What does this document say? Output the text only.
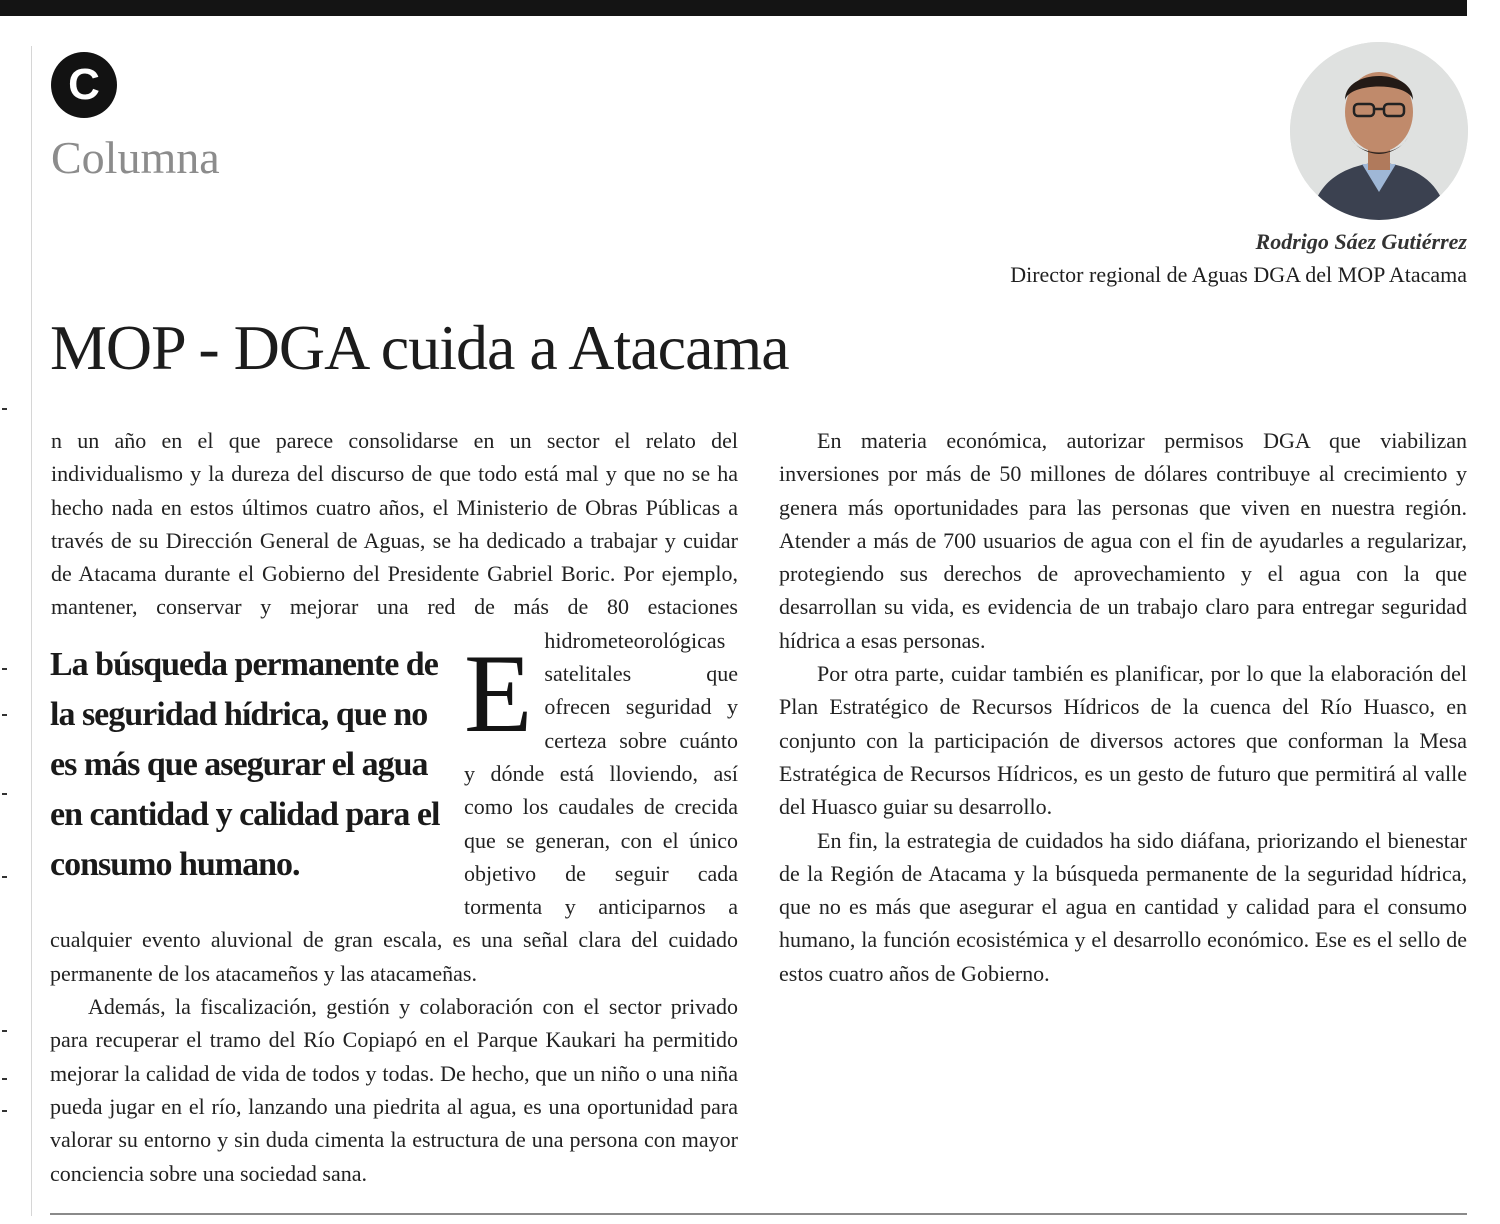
C
Columna
Rodrigo Sáez Gutiérrez
Director regional de Aguas DGA del MOP Atacama
MOP - DGA cuida a Atacama
La búsqueda permanente de la seguridad hídrica, que no es más que asegurar el agua en cantidad y calidad para el consumo humano.

E
n un año en el que parece consolidarse en un sector el relato del individualismo y la dureza del discurso de que todo está mal y que no se ha hecho nada en estos últimos cuatro años, el Ministerio de Obras Públicas a través de su Dirección General de Aguas, se ha dedicado a trabajar y cuidar de Atacama durante el Gobierno del Presidente Gabriel Boric. Por ejemplo, mantener, conservar y mejorar una red de más de 80 estaciones hidrometeorológicas satelitales que ofrecen seguridad y certeza sobre cuánto y dónde está lloviendo, así como los caudales de crecida que se generan, con el único objetivo de seguir cada tormenta y anticiparnos a cualquier evento aluvional de gran escala, es una señal clara del cuidado permanente de los atacameños y las atacameñas.

Además, la fiscalización, gestión y colaboración con el sector privado para recuperar el tramo del Río Copiapó en el Parque Kaukari ha permitido mejorar la calidad de vida de todos y todas. De hecho, que un niño o una niña pueda jugar en el río, lanzando una piedrita al agua, es una oportunidad para valorar su entorno y sin duda cimenta la estructura de una persona con mayor conciencia sobre una sociedad sana.

En materia económica, autorizar permisos DGA que viabilizan inversiones por más de 50 millones de dólares contribuye al crecimiento y genera más oportunidades para las personas que viven en nuestra región. Atender a más de 700 usuarios de agua con el fin de ayudarles a regularizar, protegiendo sus derechos de aprovechamiento y el agua con la que desarrollan su vida, es evidencia de un trabajo claro para entregar seguridad hídrica a esas personas.

Por otra parte, cuidar también es planificar, por lo que la elaboración del Plan Estratégico de Recursos Hídricos de la cuenca del Río Huasco, en conjunto con la participación de diversos actores que conforman la Mesa Estratégica de Recursos Hídricos, es un gesto de futuro que permitirá al valle del Huasco guiar su desarrollo.

En fin, la estrategia de cuidados ha sido diáfana, priorizando el bienestar de la Región de Atacama y la búsqueda permanente de la seguridad hídrica, que no es más que asegurar el agua en cantidad y calidad para el consumo humano, la función ecosistémica y el desarrollo económico. Ese es el sello de estos cuatro años de Gobierno.
